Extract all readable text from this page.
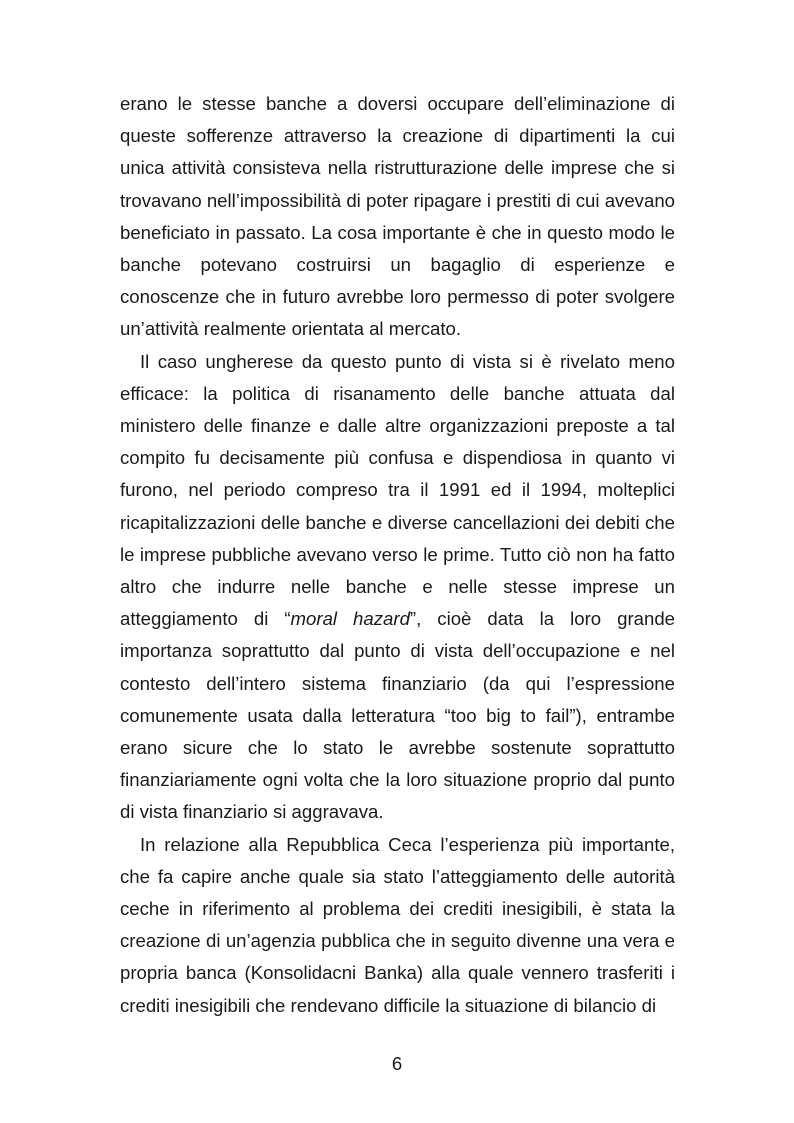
erano le stesse banche a doversi occupare dell’eliminazione di queste sofferenze attraverso la creazione di dipartimenti la cui unica attività consisteva nella ristrutturazione delle imprese che si trovavano nell’impossibilità di poter ripagare i prestiti di cui avevano beneficiato in passato. La cosa importante è che in questo modo le banche potevano costruirsi un bagaglio di esperienze e conoscenze che in futuro avrebbe loro permesso di poter svolgere un’attività realmente orientata al mercato.

Il caso ungherese da questo punto di vista si è rivelato meno efficace: la politica di risanamento delle banche attuata dal ministero delle finanze e dalle altre organizzazioni preposte a tal compito fu decisamente più confusa e dispendiosa in quanto vi furono, nel periodo compreso tra il 1991 ed il 1994, molteplici ricapitalizzazioni delle banche e diverse cancellazioni dei debiti che le imprese pubbliche avevano verso le prime. Tutto ciò non ha fatto altro che indurre nelle banche e nelle stesse imprese un atteggiamento di “moral hazard”, cioè data la loro grande importanza soprattutto dal punto di vista dell’occupazione e nel contesto dell’intero sistema finanziario (da qui l’espressione comunemente usata dalla letteratura “too big to fail”), entrambe erano sicure che lo stato le avrebbe sostenute soprattutto finanziariamente ogni volta che la loro situazione proprio dal punto di vista finanziario si aggravava.

In relazione alla Repubblica Ceca l’esperienza più importante, che fa capire anche quale sia stato l’atteggiamento delle autorità ceche in riferimento al problema dei crediti inesigibili, è stata la creazione di un’agenzia pubblica che in seguito divenne una vera e propria banca (Konsolidacni Banka) alla quale vennero trasferiti i crediti inesigibili che rendevano difficile la situazione di bilancio di

6
